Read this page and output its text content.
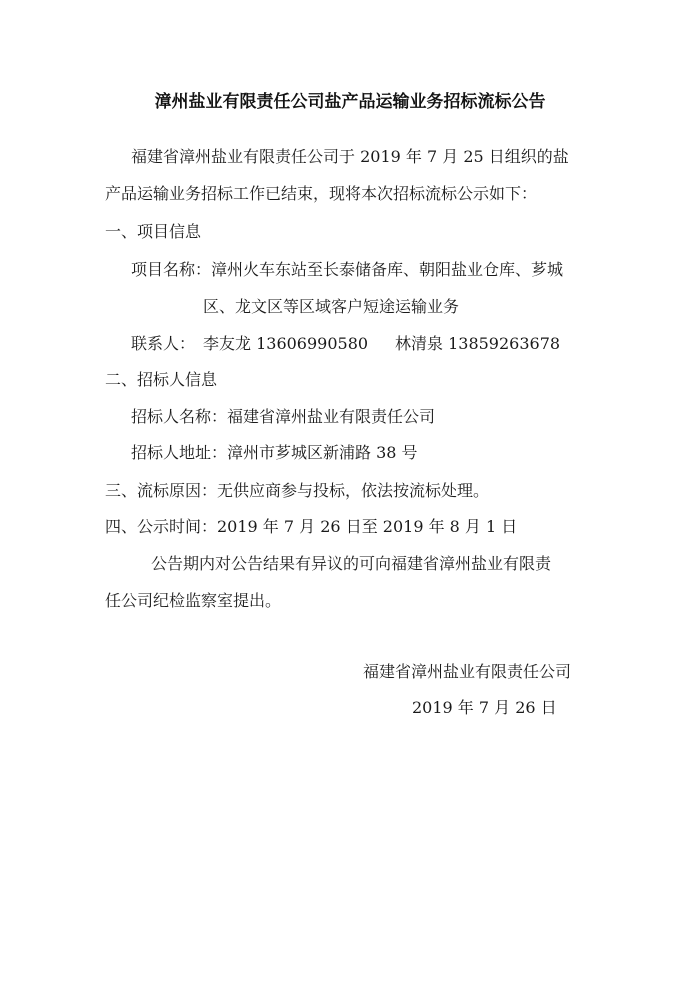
漳州盐业有限责任公司盐产品运输业务招标流标公告
福建省漳州盐业有限责任公司于 2019 年 7 月 25 日组织的盐
产品运输业务招标工作已结束，现将本次招标流标公示如下：
一、项目信息
项目名称：漳州火车东站至长泰储备库、朝阳盐业仓库、芗城
区、龙文区等区域客户短途运输业务
联系人： 李友龙 13606990580 林清泉 13859263678
二、招标人信息
招标人名称：福建省漳州盐业有限责任公司
招标人地址：漳州市芗城区新浦路 38 号
三、流标原因：无供应商参与投标，依法按流标处理。
四、公示时间：2019 年 7 月 26 日至 2019 年 8 月 1 日
公告期内对公告结果有异议的可向福建省漳州盐业有限责
任公司纪检监察室提出。
福建省漳州盐业有限责任公司
2019 年 7 月 26 日
